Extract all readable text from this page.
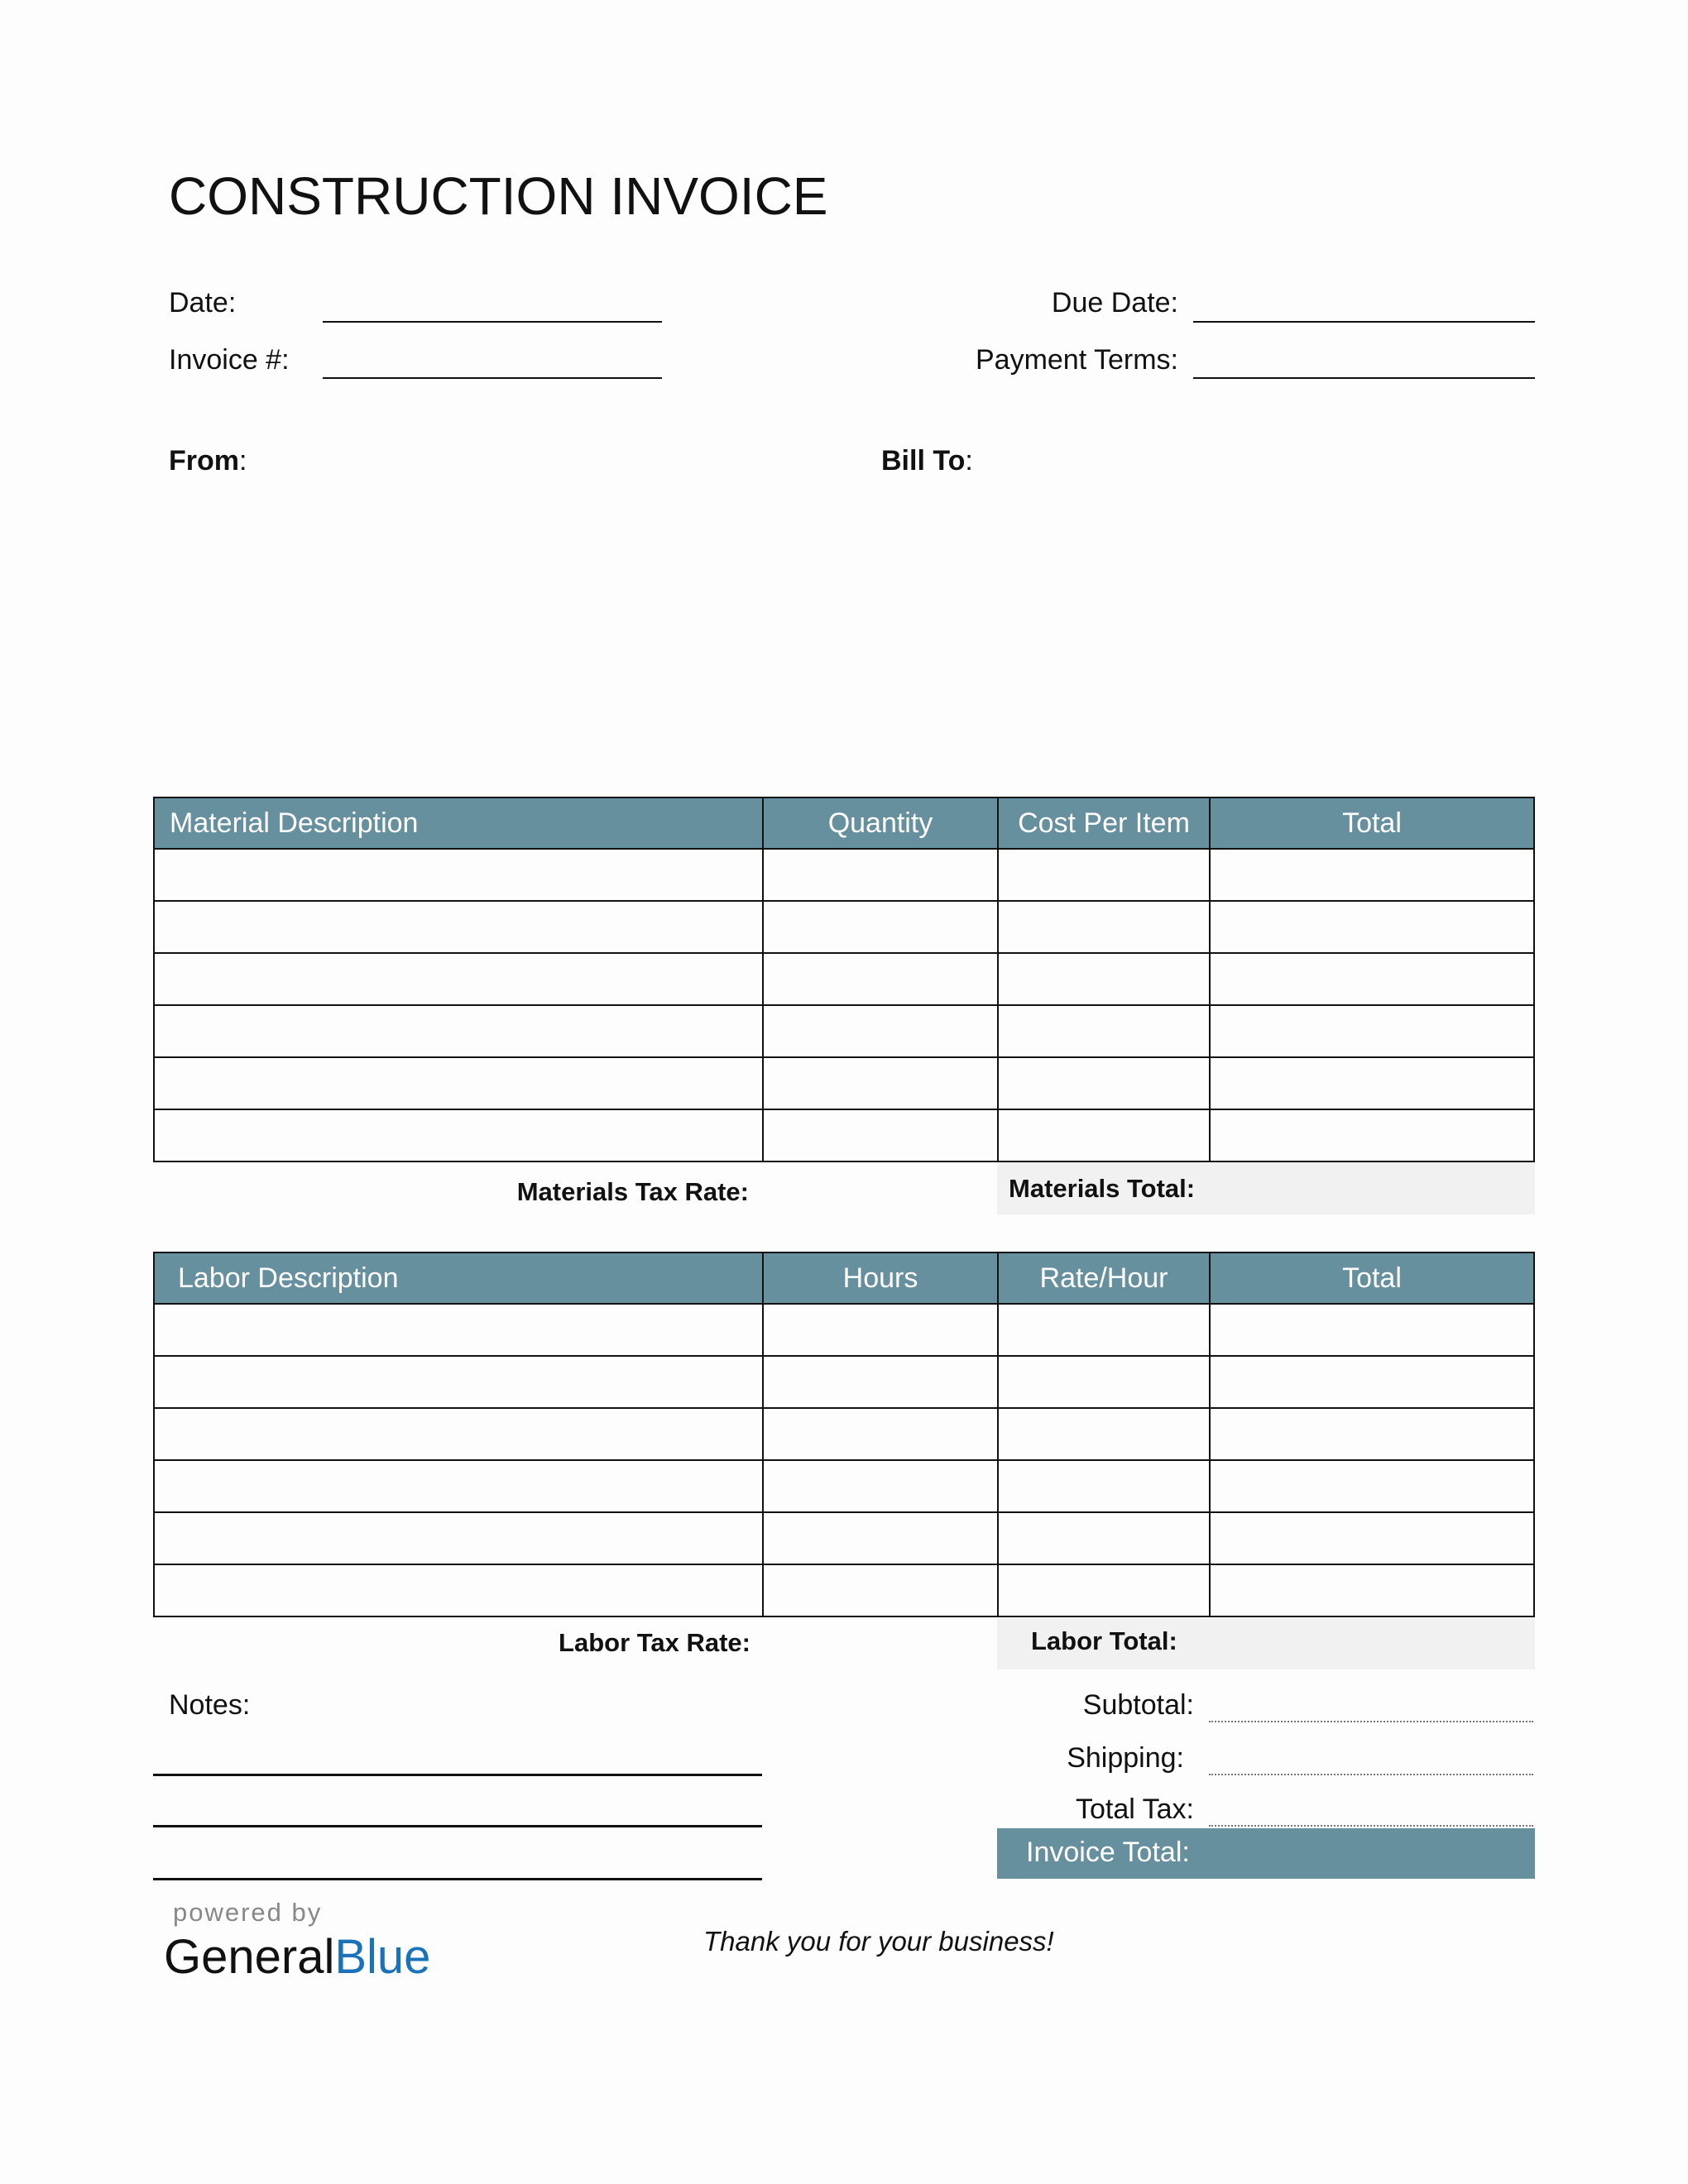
CONSTRUCTION INVOICE
Date:
Invoice #:
Due Date:
Payment Terms:
From:	Bill To:
Material Description	Quantity	Cost Per Item	Total

Materials Tax Rate:	Materials Total:
Labor Description	Hours	Rate/Hour	Total

Labor Tax Rate:	Labor Total:
Notes:	Subtotal:
Shipping:
Total Tax:
Invoice Total:
powered by
GeneralBlue	Thank you for your business!
